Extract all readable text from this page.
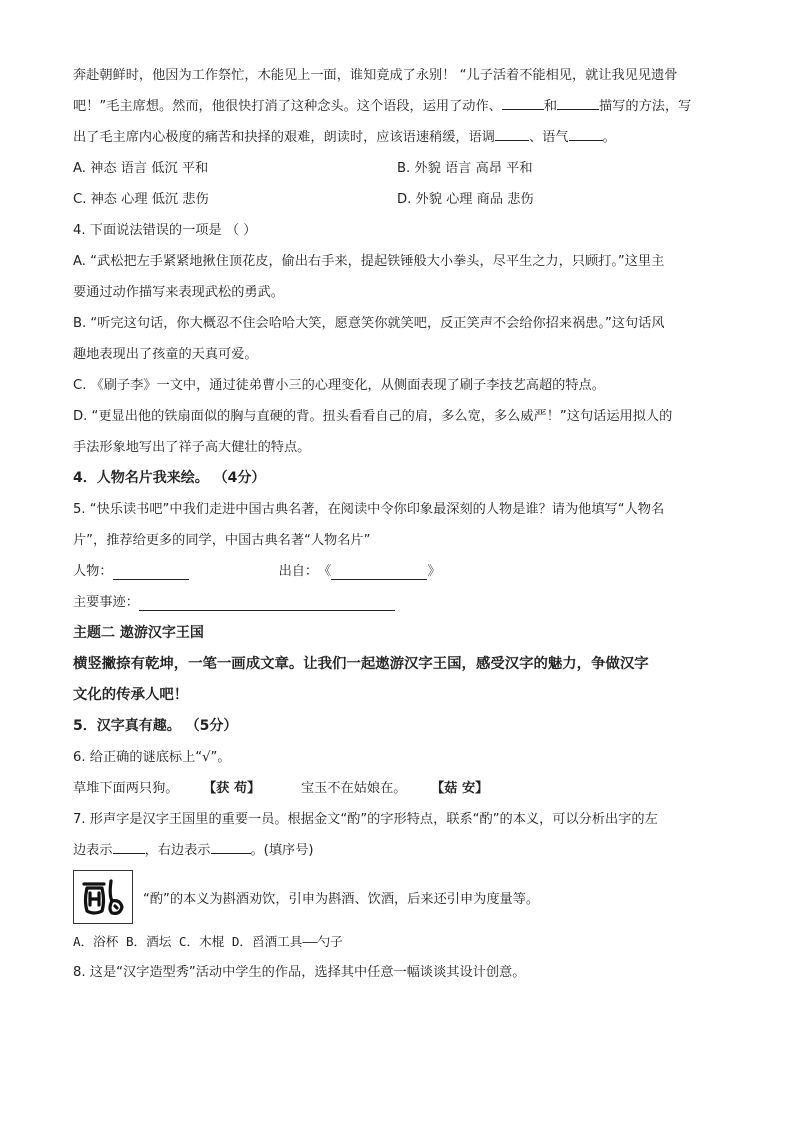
奔赴朝鲜时，他因为工作祭忙，木能见上一面，谁知竟成了永别！ “儿子活着不能相见，就让我见见遗骨

吧！”毛主席想。然而，他很快打消了这种念头。这个语段，运用了动作、	和	描写的方法，写

出了毛主席内心极度的痛苦和抉择的艰难，朗读时，应该语速稍缓，语调	、语气	。

A. 神态 语言 低沉 平和	B. 外貌 语言 高昂 平和
C. 神态 心理 低沉 悲伤	D. 外貌 心理 商品 悲伤

4. 下面说法错误的一项是 （ ）

A. “武松把左手紧紧地揪住顶花皮，偷出右手来，提起铁锤般大小拳头，尽平生之力，只顾打。”这里主

要通过动作描写来表现武松的勇武。

B. “听完这句话，你大概忍不住会哈哈大笑，愿意笑你就笑吧，反正笑声不会给你招来祸患。”这句话风

趣地表现出了孩童的天真可爱。

C. 《刷子李》一文中，通过徒弟曹小三的心理变化，从侧面表现了刷子李技艺高超的特点。

D. “更显出他的铁扇面似的胸与直硬的背。扭头看看自己的肩，多么宽，多么威严！”这句话运用拟人的

手法形象地写出了祥子高大健壮的特点。

4．人物名片我来绘。 （4分）

5. “快乐读书吧”中我们走进中国古典名著，在阅读中令你印象最深刻的人物是谁？请为他填写“人物名

片”，推荐给更多的同学，中国古典名著“人物名片”

人物：	出自： 《	》
主要事迹：

主题二 遨游汉字王国

横竖撇捺有乾坤，一笔一画成文章。让我们一起遨游汉字王国，感受汉字的魅力，争做汉字

文化的传承人吧！

5．汉字真有趣。 （5分）

6. 给正确的谜底标上“√”。

草堆下面两只狗。	【获 苟】	宝玉不在姑娘在。	【菇 安】

7. 形声字是汉字王国里的重要一员。根据金文“酌”的字形特点，联系“酌”的本义，可以分析出字的左

边表示 ，右边表示	。(填序号)

“酌”的本义为斟酒劝饮，引申为斟酒、饮酒，后来还引申为度量等。

A．浴杯 B．酒坛 C．木棍 D．舀酒工具——勺子

8. 这是“汉字造型秀”活动中学生的作品，选择其中任意一幅谈谈其设计创意。
